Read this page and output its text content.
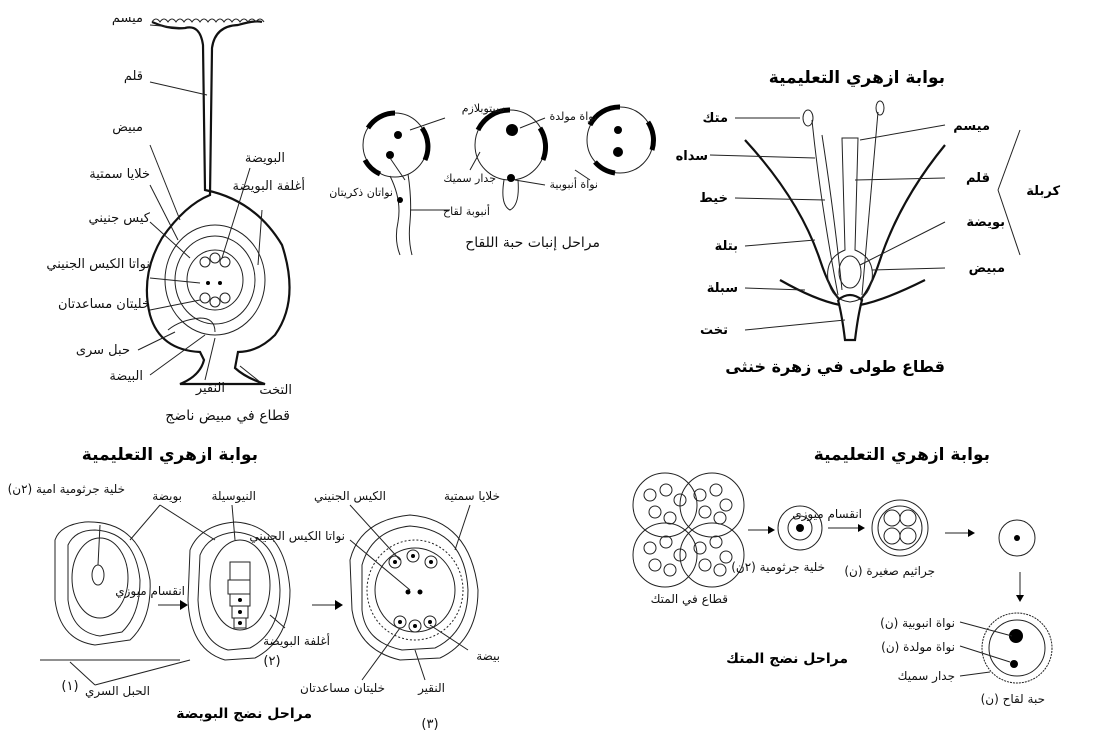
ميسم
قلم
مبيض
خلايا سمتية
كيس جنيني
نواتا الكيس الجنيني
خليتان مساعدتان
حبل سرى
البيضة
البويضة
أغلفة البويضة
النقير	التخت
قطاع في مبيض ناضج
سيتوبلازم
نواة مولدة
نواتان ذكريتان
جدار سميك	نواة أنبوبية
أنبوبة لقاح
مراحل إنبات حبة اللقاح
بوابة ازهري التعليمية
متك
سداه
خيط
بتلة
سبلة
تخت
ميسم
قلم
كربلة
بويضة
مبيض
قطاع طولى في زهرة خنثى
بوابة ازهري التعليمية
خلية جرثومية امية (٢ن) بويضة النيوسيلة
انقسام ميوزي
أغلفة البويضة
الحبل السري
الكيس الجنيني	خلايا سمتية
نواتا الكيس الجنيني
بيضة
خليتان مساعدتان	النقير
(١)
(٢)
(٣)
مراحل نضج البويضة
بوابة ازهري التعليمية
قطاع في المتك
خلية جرثومية (٢ن)
انقسام ميوزى
جراثيم صغيرة (ن)
نواة انبوبية (ن)
نواة مولدة (ن)
جدار سميك
حبة لقاح (ن)
مراحل نضج المتك
